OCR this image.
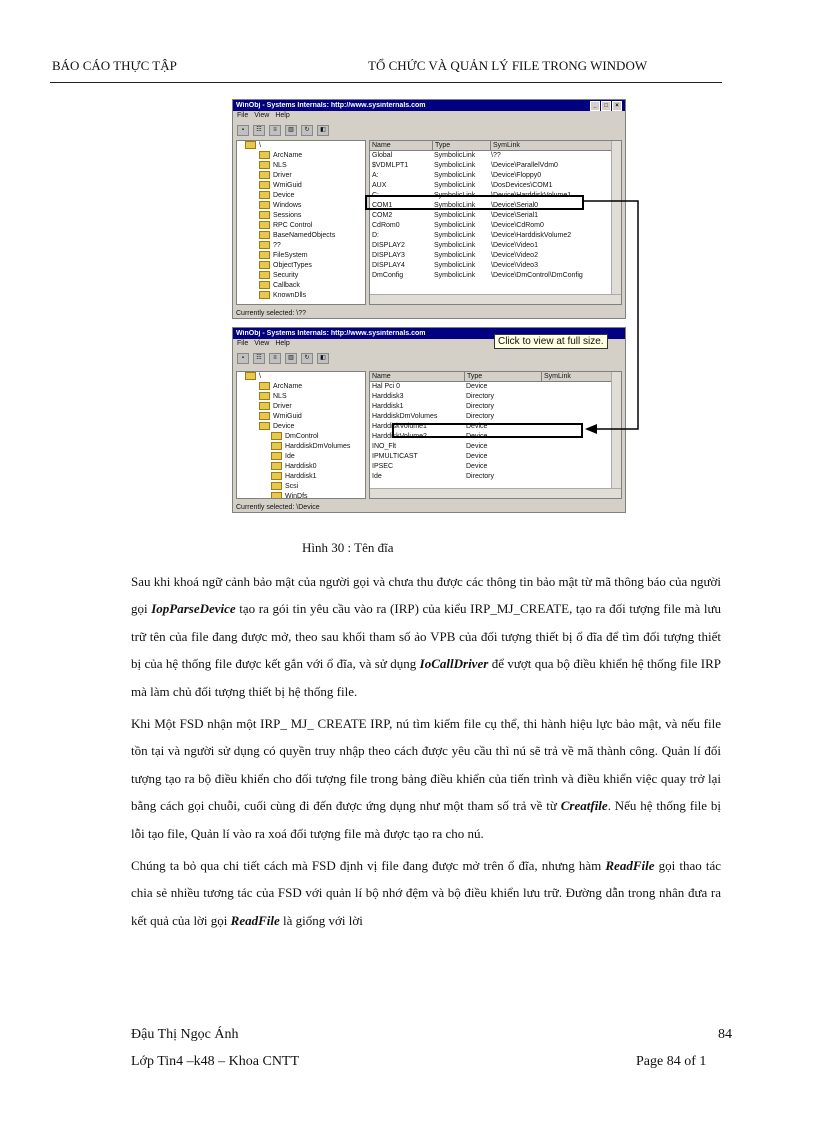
BÁO CÁO THỰC TẬP	TỔ CHỨC VÀ QUẢN LÝ FILE TRONG WINDOW
WinObj - Systems Internals: http://www.sysinternals.com	_	□	×
File View Help
▪	☷	≡	▥	↻	◧
\
ArcName
NLS
Driver
WmiGuid
Device
Windows
Sessions
RPC Control
BaseNamedObjects
??
FileSystem
ObjectTypes
Security
Callback
KnownDlls
Name	Type	SymLink
Global	SymbolicLink	\??
$VDMLPT1	SymbolicLink	\Device\ParallelVdm0
A:	SymbolicLink	\Device\Floppy0
AUX	SymbolicLink	\DosDevices\COM1
C:	SymbolicLink	\Device\HarddiskVolume1
COM1	SymbolicLink	\Device\Serial0
COM2	SymbolicLink	\Device\Serial1
CdRom0	SymbolicLink	\Device\CdRom0
D:	SymbolicLink	\Device\HarddiskVolume2
DISPLAY2	SymbolicLink	\Device\Video1
DISPLAY3	SymbolicLink	\Device\Video2
DISPLAY4	SymbolicLink	\Device\Video3
DmConfig	SymbolicLink	\Device\DmControl\DmConfig
Currently selected: \??
WinObj - Systems Internals: http://www.sysinternals.com
File View Help
▪	☷	≡	▥	↻	◧
\
ArcName
NLS
Driver
WmiGuid
Device
DmControl
HarddiskDmVolumes
Ide
Harddisk0
Harddisk1
Scsi
WinDfs
Name	Type	SymLink
Hal Pci 0	Device
Harddisk3	Directory
Harddisk1	Directory
HarddiskDmVolumes	Directory
HarddiskVolume1	Device
HarddiskVolume2	Device
INO_Flt	Device
IPMULTICAST	Device
IPSEC	Device
Ide	Directory
Currently selected: \Device
Click to view at full size.
Hình 30 : Tên đĩa

Sau khi khoá ngữ cảnh bảo mật của người gọi và chưa thu được các thông tin bảo mật từ mã thông báo của người gọi IopParseDevice tạo ra gói tin yêu cầu vào ra (IRP) của kiểu IRP_MJ_CREATE, tạo ra đối tượng file mà lưu trữ tên của file đang được mở, theo sau khối tham số ảo VPB của đối tượng thiết bị ổ đĩa để tìm đối tượng thiết bị của hệ thống file được kết gắn với ổ đĩa, và sử dụng IoCallDriver để vượt qua bộ điều khiển hệ thống file IRP mà làm chủ đối tượng thiết bị hệ thống file.

Khi Một FSD nhận một IRP_ MJ_ CREATE IRP, nú tìm kiếm file cụ thể, thi hành hiệu lực bảo mật, và nếu file tồn tại và người sử dụng có quyền truy nhập theo cách được yêu cầu thì nú sẽ trả về mã thành công. Quản lí đối tượng tạo ra bộ điều khiển cho đối tượng file trong bảng điều khiển của tiến trình và điều khiển việc quay trở lại bằng cách gọi chuỗi, cuối cùng đi đến được ứng dụng như một tham số trả về từ Creatfile. Nếu hệ thống file bị lỗi tạo file, Quản lí vào ra xoá đối tượng file mà được tạo ra cho nú.

Chúng ta bỏ qua chi tiết cách mà FSD định vị file đang được mở trên ổ đĩa, nhưng hàm ReadFile gọi thao tác chia sẻ nhiều tương tác của FSD với quản lí bộ nhớ đệm và bộ điều khiển lưu trữ. Đường dẫn trong nhân đưa ra kết quả của lời gọi ReadFile là giống với lời

Đậu Thị Ngọc Ánh	84
Lớp Tin4 –k48 – Khoa CNTT	Page 84 of 1
